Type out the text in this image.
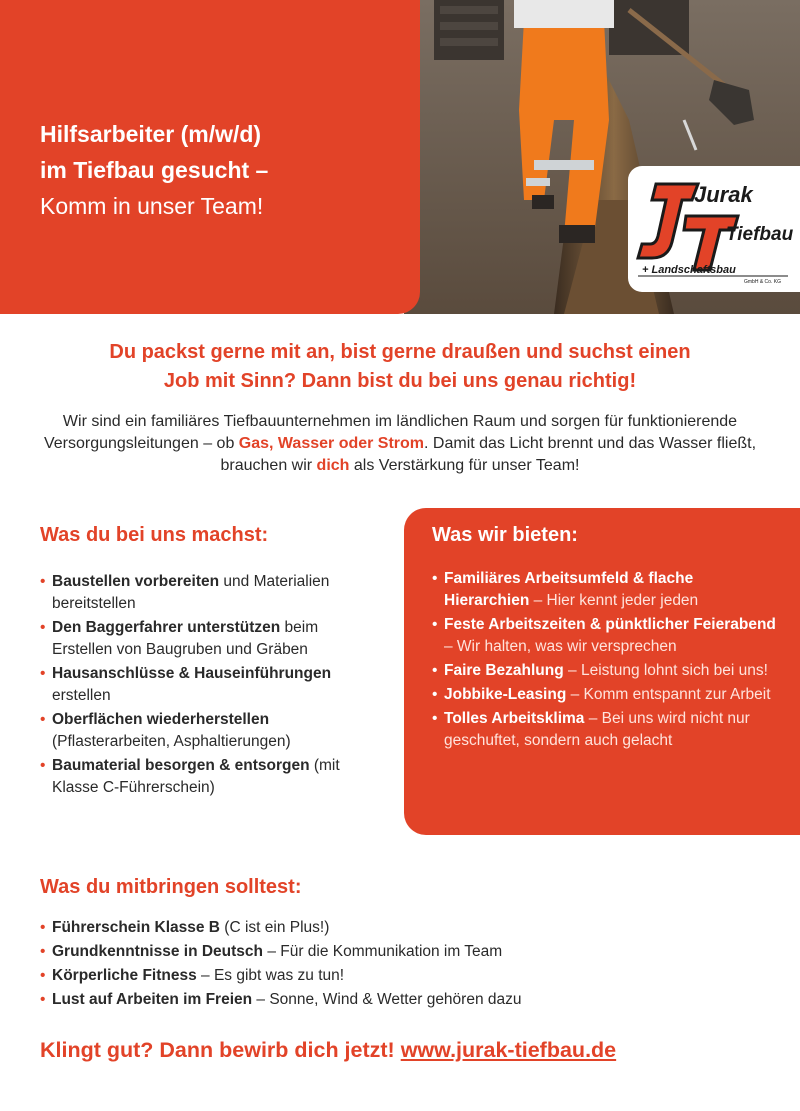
Hilfsarbeiter (m/w/d)
im Tiefbau gesucht –
Komm in unser Team!	Jurak
Tiefbau
+ Landschaftsbau
GmbH & Co. KG
Du packst gerne mit an, bist gerne draußen und suchst einen
Job mit Sinn? Dann bist du bei uns genau richtig!
Wir sind ein familiäres Tiefbauunternehmen im ländlichen Raum und sorgen für funktionierende Versorgungsleitungen – ob Gas, Wasser oder Strom. Damit das Licht brennt und das Wasser fließt, brauchen wir dich als Verstärkung für unser Team!
Was du bei uns machst:
• Baustellen vorbereiten und Materialien bereitstellen
• Den Baggerfahrer unterstützen beim Erstellen von Baugruben und Gräben
• Hausanschlüsse & Hauseinführungen erstellen
• Oberflächen wiederherstellen (Pflasterarbeiten, Asphaltierungen)
• Baumaterial besorgen & entsorgen (mit Klasse C-Führerschein)
Was wir bieten:
• Familiäres Arbeitsumfeld & flache Hierarchien – Hier kennt jeder jeden
• Feste Arbeitszeiten & pünktlicher Feierabend – Wir halten, was wir versprechen
• Faire Bezahlung – Leistung lohnt sich bei uns!
• Jobbike-Leasing – Komm entspannt zur Arbeit
• Tolles Arbeitsklima – Bei uns wird nicht nur geschuftet, sondern auch gelacht
Was du mitbringen solltest:
• Führerschein Klasse B (C ist ein Plus!)
• Grundkenntnisse in Deutsch – Für die Kommunikation im Team
• Körperliche Fitness – Es gibt was zu tun!
• Lust auf Arbeiten im Freien – Sonne, Wind & Wetter gehören dazu
Klingt gut? Dann bewirb dich jetzt! www.jurak-tiefbau.de
